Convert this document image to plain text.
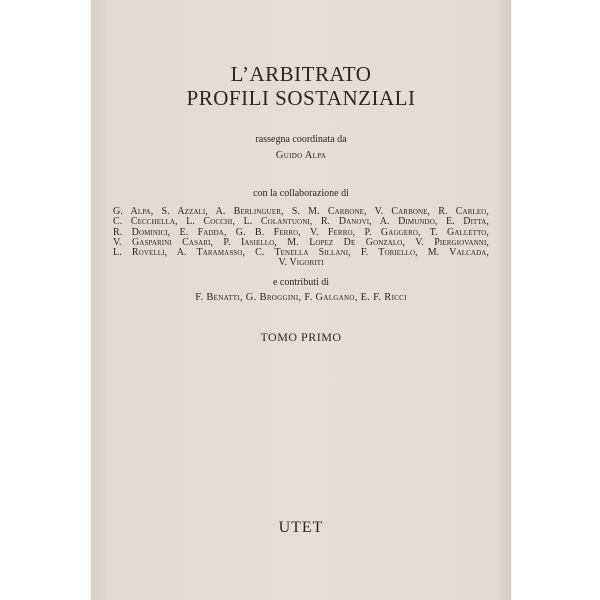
L’ARBITRATO
PROFILI SOSTANZIALI
rassegna coordinata da
Guido Alpa
con la collaborazione di
G. Alpa, S. Azzali, A. Berlinguer, S. M. Carbone, V. Carbone, R. Carleo,
C. Cecchella, L. Cocchi, L. Colantuoni, R. Danovi, A. Dimundo, E. Ditta,
R. Dominici, E. Fadda, G. B. Ferro, V. Ferro, P. Gaggero, T. Galletto,
V. Gasparini Casari, P. Iasiello, M. Lopez De Gonzalo, V. Piergiovanni,
L. Rovelli, A. Taramasso, C. Tenella Sillani, F. Toriello, M. Valcada,
V. Vigoriti
e contributi di
F. Benatti, G. Broggini, F. Galgano, E. F. Ricci
TOMO PRIMO
UTET
